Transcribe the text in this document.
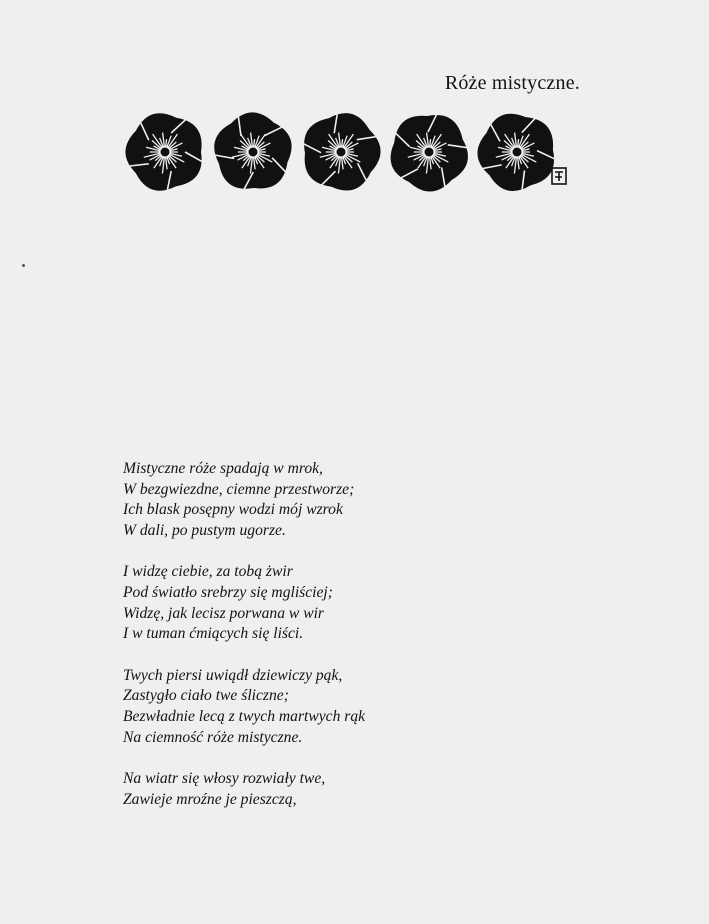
Róże mistyczne.
Mistyczne róże spadają w mrok,
W bezgwiezdne, ciemne przestworze;
Ich blask posępny wodzi mój wzrok
W dali, po pustym ugorze.
I widzę ciebie, za tobą żwir
Pod światło srebrzy się mgliściej;
Widzę, jak lecisz porwana w wir
I w tuman ćmiących się liści.
Twych piersi uwiądł dziewiczy pąk,
Zastygło ciało twe śliczne;
Bezwładnie lecą z twych martwych rąk
Na ciemność róże mistyczne.
Na wiatr się włosy rozwiały twe,
Zawieje mroźne je pieszczą,
